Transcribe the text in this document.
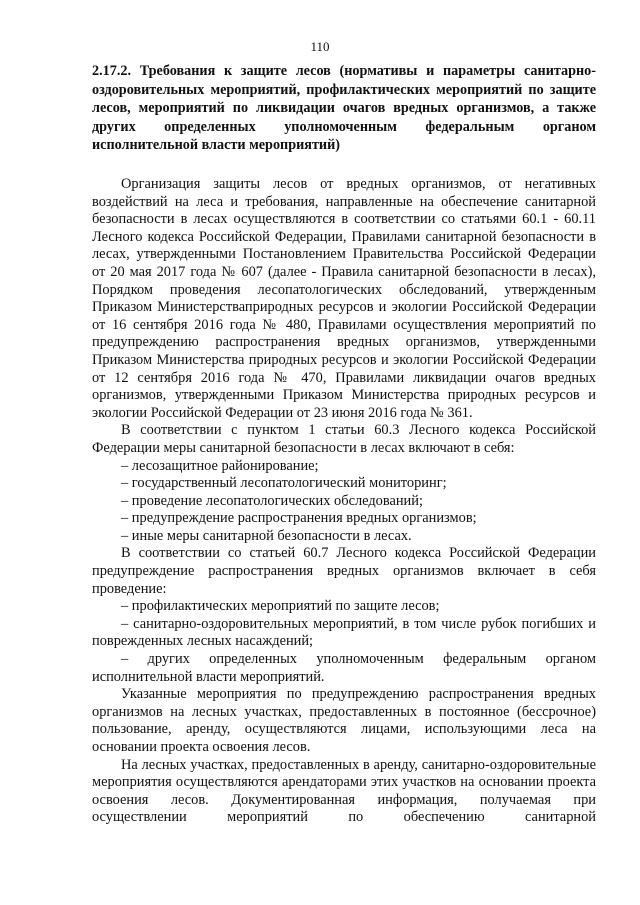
110
2.17.2. Требования к защите лесов (нормативы и параметры санитарно-оздоровительных мероприятий, профилактических мероприятий по защите лесов, мероприятий по ликвидации очагов вредных организмов, а также других определенных уполномоченным федеральным органом исполнительной власти мероприятий)

Организация защиты лесов от вредных организмов, от негативных воздействий на леса и требования, направленные на обеспечение санитарной безопасности в лесах осуществляются в соответствии со статьями 60.1 - 60.11 Лесного кодекса Российской Федерации, Правилами санитарной безопасности в лесах, утвержденными Постановлением Правительства Российской Федерации от 20 мая 2017 года № 607 (далее - Правила санитарной безопасности в лесах), Порядком проведения лесопатологических обследований, утвержденным Приказом Министерстваприродных ресурсов и экологии Российской Федерации от 16 сентября 2016 года № 480, Правилами осуществления мероприятий по предупреждению распространения вредных организмов, утвержденными Приказом Министерства природных ресурсов и экологии Российской Федерации от 12 сентября 2016 года № 470, Правилами ликвидации очагов вредных организмов, утвержденными Приказом Министерства природных ресурсов и экологии Российской Федерации от 23 июня 2016 года № 361.

В соответствии с пунктом 1 статьи 60.3 Лесного кодекса Российской Федерации меры санитарной безопасности в лесах включают в себя:

– лесозащитное районирование;

– государственный лесопатологический мониторинг;

– проведение лесопатологических обследований;

– предупреждение распространения вредных организмов;

– иные меры санитарной безопасности в лесах.

В соответствии со статьей 60.7 Лесного кодекса Российской Федерации предупреждение распространения вредных организмов включает в себя проведение:

– профилактических мероприятий по защите лесов;

– санитарно-оздоровительных мероприятий, в том числе рубок погибших и поврежденных лесных насаждений;

– других определенных уполномоченным федеральным органом исполнительной власти мероприятий.

Указанные мероприятия по предупреждению распространения вредных организмов на лесных участках, предоставленных в постоянное (бессрочное) пользование, аренду, осуществляются лицами, использующими леса на основании проекта освоения лесов.

На лесных участках, предоставленных в аренду, санитарно-оздоровительные мероприятия осуществляются арендаторами этих участков на основании проекта освоения лесов. Документированная информация, получаемая при осуществлении мероприятий по обеспечению санитарной
